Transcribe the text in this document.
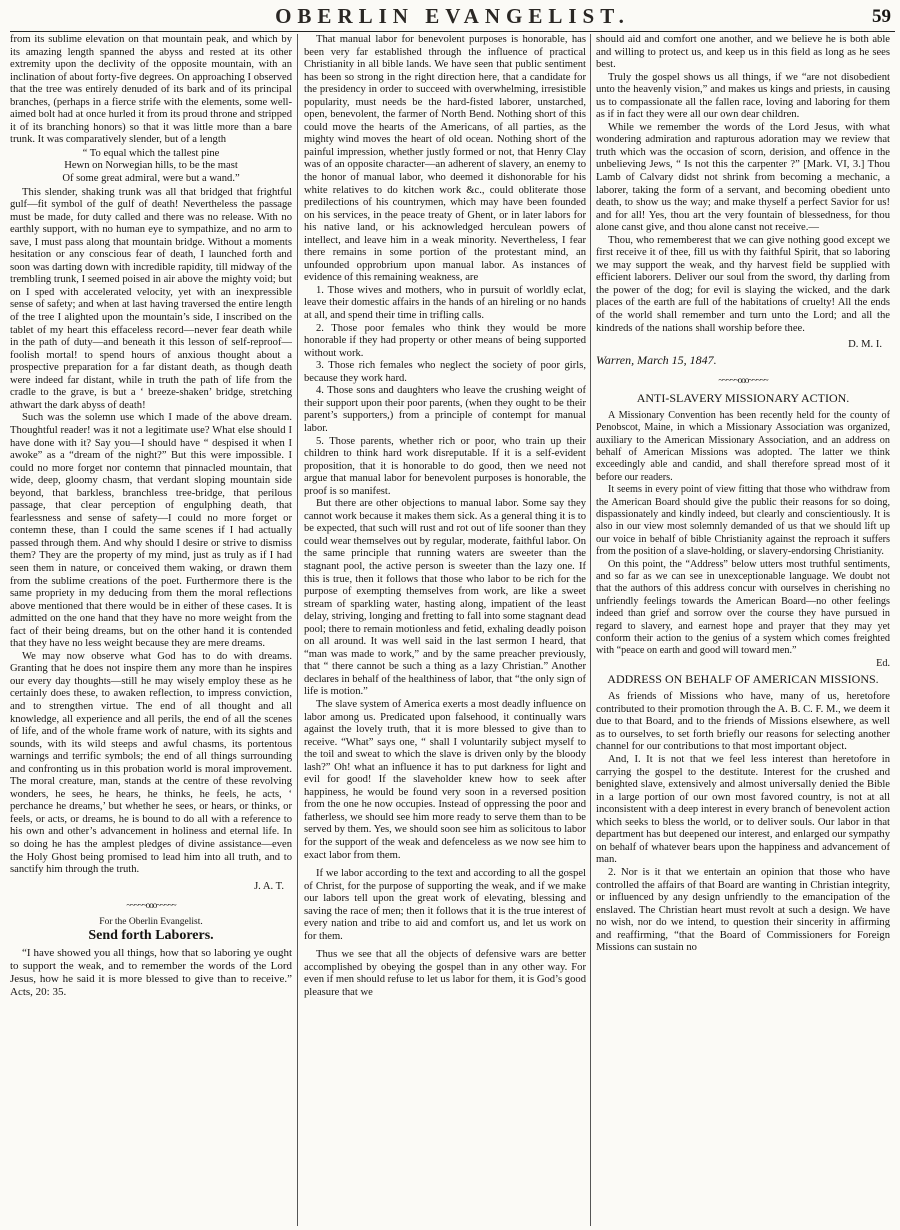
OBERLIN EVANGELIST.	59

from its sublime elevation on that mountain peak, and which by its amazing length spanned the abyss and rested at its other extremity upon the declivity of the opposite mountain, with an inclination of about forty-five degrees. On approaching I observed that the tree was entirely denuded of its bark and of its principal branches, (perhaps in a fierce strife with the elements, some well-aimed bolt had at once hurled it from its proud throne and stripped it of its branching honors) so that it was little more than a bare trunk. It was comparatively slender, but of a length

“ To equal which the tallest pine
Hewn on Norwegian hills, to be the mast
Of some great admiral, were but a wand.”

This slender, shaking trunk was all that bridged that frightful gulf—fit symbol of the gulf of death! Nevertheless the passage must be made, for duty called and there was no release. With no earthly support, with no human eye to sympathize, and no arm to save, I must pass along that mountain bridge. Without a moments hesitation or any conscious fear of death, I launched forth and soon was darting down with incredible rapidity, till midway of the trembling trunk, I seemed poised in air above the mighty void; but on I sped with accelerated velocity, yet with an inexpressible sense of safety; and when at last having traversed the entire length of the tree I alighted upon the mountain’s side, I inscribed on the tablet of my heart this effaceless record—never fear death while in the path of duty—and beneath it this lesson of self-reproof—foolish mortal! to spend hours of anxious thought about a prospective preparation for a far distant death, as though death were indeed far distant, while in truth the path of life from the cradle to the grave, is but a ‘ breeze-shaken’ bridge, stretching athwart the dark abyss of death!

Such was the solemn use which I made of the above dream. Thoughtful reader! was it not a legitimate use? What else should I have done with it? Say you—I should have “ despised it when I awoke” as a “dream of the night?” But this were impossible. I could no more forget nor contemn that pinnacled mountain, that wide, deep, gloomy chasm, that verdant sloping mountain side beyond, that barkless, branchless tree-bridge, that perilous passage, that clear perception of engulphing death, that fearlessness and sense of safety—I could no more forget or contemn these, than I could the same scenes if I had actually passed through them. And why should I desire or strive to dismiss them? They are the property of my mind, just as truly as if I had seen them in nature, or conceived them waking, or drawn them from the sublime creations of the poet. Furthermore there is the same propriety in my deducing from them the moral reflections above mentioned that there would be in either of these cases. It is admitted on the one hand that they have no more weight from the fact of their being dreams, but on the other hand it is contended that they have no less weight because they are mere dreams.

We may now observe what God has to do with dreams. Granting that he does not inspire them any more than he inspires our every day thoughts—still he may wisely employ these as he certainly does these, to awaken reflection, to impress conviction, and to strengthen virtue. The end of all thought and all knowledge, all experience and all perils, the end of all the scenes of life, and of the whole frame work of nature, with its sights and sounds, with its wild steeps and awful chasms, its portentous warnings and terrific symbols; the end of all things surrounding and confronting us in this probation world is moral improvement. The moral creature, man, stands at the centre of these revolving wonders, he sees, he hears, he thinks, he feels, he acts, ‘ perchance he dreams,’ but whether he sees, or hears, or thinks, or feels, or acts, or dreams, he is bound to do all with a reference to his own and other’s advancement in holiness and eternal life. In so doing he has the amplest pledges of divine assistance—even the Holy Ghost being promised to lead him into all truth, and to sanctify him through the truth.

J. A. T.
~~~~~ooo~~~~~
For the Oberlin Evangelist.
Send forth Laborers.

“I have showed you all things, how that so laboring ye ought to support the weak, and to remember the words of the Lord Jesus, how he said it is more blessed to give than to receive.” Acts, 20: 35.

That manual labor for benevolent purposes is honorable, has been very far established through the influence of practical Christianity in all bible lands. We have seen that public sentiment has been so strong in the right direction here, that a candidate for the presidency in order to succeed with overwhelming, irresistible popularity, must needs be the hard-fisted laborer, unstarched, open, benevolent, the farmer of North Bend. Nothing short of this could move the hearts of the Americans, of all parties, as the mighty wind moves the heart of old ocean. Nothing short of the painful impression, whether justly formed or not, that Henry Clay was of an opposite character—an adherent of slavery, an enemy to the honor of manual labor, who deemed it dishonorable for his white relatives to do kitchen work &c., could obliterate those predilections of his countrymen, which may have been founded on his services, in the peace treaty of Ghent, or in later labors for his native land, or his acknowledged herculean powers of intellect, and leave him in a weak minority. Nevertheless, I fear there remains in some portion of the protestant mind, an unfounded opprobrium upon manual labor. As instances of evidence of this remaining weakness, are

1. Those wives and mothers, who in pursuit of worldly eclat, leave their domestic affairs in the hands of an hireling or no hands at all, and spend their time in trifling calls.

2. Those poor females who think they would be more honorable if they had property or other means of being supported without work.

3. Those rich females who neglect the society of poor girls, because they work hard.

4. Those sons and daughters who leave the crushing weight of their support upon their poor parents, (when they ought to be their parent’s supporters,) from a principle of contempt for manual labor.

5. Those parents, whether rich or poor, who train up their children to think hard work disreputable. If it is a self-evident proposition, that it is honorable to do good, then we need not argue that manual labor for benevolent purposes is honorable, the proof is so manifest.

But there are other objections to manual labor. Some say they cannot work because it makes them sick. As a general thing it is to be expected, that such will rust and rot out of life sooner than they could wear themselves out by regular, moderate, faithful labor. On the same principle that running waters are sweeter than the stagnant pool, the active person is sweeter than the lazy one. If this is true, then it follows that those who labor to be rich for the purpose of exempting themselves from work, are like a sweet stream of sparkling water, hasting along, impatient of the least delay, striving, longing and fretting to fall into some stagnant dead pool; there to remain motionless and fetid, exhaling deadly poison on all around. It was well said in the last sermon I heard, that “man was made to work,” and by the same preacher previously, that “ there cannot be such a thing as a lazy Christian.” Another declares in behalf of the healthiness of labor, that “the only sign of life is motion.”

The slave system of America exerts a most deadly influence on labor among us. Predicated upon falsehood, it continually wars against the lovely truth, that it is more blessed to give than to receive. “What” says one, “ shall I voluntarily subject myself to the toil and sweat to which the slave is driven only by the bloody lash?” Oh! what an influence it has to put darkness for light and evil for good! If the slaveholder knew how to seek after happiness, he would be found very soon in a reversed position from the one he now occupies. Instead of oppressing the poor and fatherless, we should see him more ready to serve them than to be served by them. Yes, we should soon see him as solicitous to labor for the support of the weak and defenceless as we now see him to exact labor from them.

If we labor according to the text and according to all the gospel of Christ, for the purpose of supporting the weak, and if we make our labors tell upon the great work of elevating, blessing and saving the race of men; then it follows that it is the true interest of every nation and tribe to aid and comfort us, and let us work on for them.

Thus we see that all the objects of defensive wars are better accomplished by obeying the gospel than in any other way. For even if men should refuse to let us labor for them, it is God’s good pleasure that we

should aid and comfort one another, and we believe he is both able and willing to protect us, and keep us in this field as long as he sees best.

Truly the gospel shows us all things, if we “are not disobedient unto the heavenly vision,” and makes us kings and priests, in causing us to compassionate all the fallen race, loving and laboring for them as if in fact they were all our own dear children.

While we remember the words of the Lord Jesus, with what wondering admiration and rapturous adoration may we review that truth which was the occasion of scorn, derision, and offence in the unbelieving Jews, “ Is not this the carpenter ?” [Mark. VI, 3.] Thou Lamb of Calvary didst not shrink from becoming a mechanic, a laborer, taking the form of a servant, and becoming obedient unto death, to show us the way; and make thyself a perfect Savior for us! and for all! Yes, thou art the very fountain of blessedness, for thou alone canst give, and thou alone canst not receive.—

Thou, who rememberest that we can give nothing good except we first receive it of thee, fill us with thy faithful Spirit, that so laboring we may support the weak, and thy harvest field be supplied with efficient laborers. Deliver our soul from the sword, thy darling from the power of the dog; for evil is slaying the wicked, and the dark places of the earth are full of the habitations of cruelty! All the ends of the world shall remember and turn unto the Lord; and all the kindreds of the nations shall worship before thee.

D. M. I.
Warren, March 15, 1847.
~~~~~ooo~~~~~
ANTI-SLAVERY MISSIONARY ACTION.

A Missionary Convention has been recently held for the county of Penobscot, Maine, in which a Missionary Association was organized, auxiliary to the American Missionary Association, and an address on behalf of American Missions was adopted. The latter we think exceedingly able and candid, and shall therefore spread most of it before our readers.

It seems in every point of view fitting that those who withdraw from the American Board should give the public their reasons for so doing, dispassionately and kindly indeed, but clearly and conscientiously. It is also in our view most solemnly demanded of us that we should lift up our voice in behalf of bible Christianity against the reproach it suffers from the position of a slave-holding, or slavery-endorsing Christianity.

On this point, the “Address” below utters most truthful sentiments, and so far as we can see in unexceptionable language. We doubt not that the authors of this address concur with ourselves in cherishing no unfriendly feelings towards the American Board—no other feelings indeed than grief and sorrow over the course they have pursued in regard to slavery, and earnest hope and prayer that they may yet conform their action to the genius of a system which comes freighted with “peace on earth and good will toward men.”

Ed.

ADDRESS ON BEHALF OF AMERICAN MISSIONS.

As friends of Missions who have, many of us, heretofore contributed to their promotion through the A. B. C. F. M., we deem it due to that Board, and to the friends of Missions elsewhere, as well as to ourselves, to set forth briefly our reasons for selecting another channel for our contributions to that most important object.

And, I. It is not that we feel less interest than heretofore in carrying the gospel to the destitute. Interest for the crushed and benighted slave, extensively and almost universally denied the Bible in a large portion of our own most favored country, is not at all inconsistent with a deep interest in every branch of benevolent action which seeks to bless the world, or to deliver souls. Our labor in that department has but deepened our interest, and enlarged our sympathy on behalf of whatever bears upon the happiness and advancement of man.

2. Nor is it that we entertain an opinion that those who have controlled the affairs of that Board are wanting in Christian integrity, or influenced by any design unfriendly to the emancipation of the enslaved. The Christian heart must revolt at such a design. We have no wish, nor do we intend, to question their sincerity in affirming and reaffirming, “that the Board of Commissioners for Foreign Missions can sustain no
